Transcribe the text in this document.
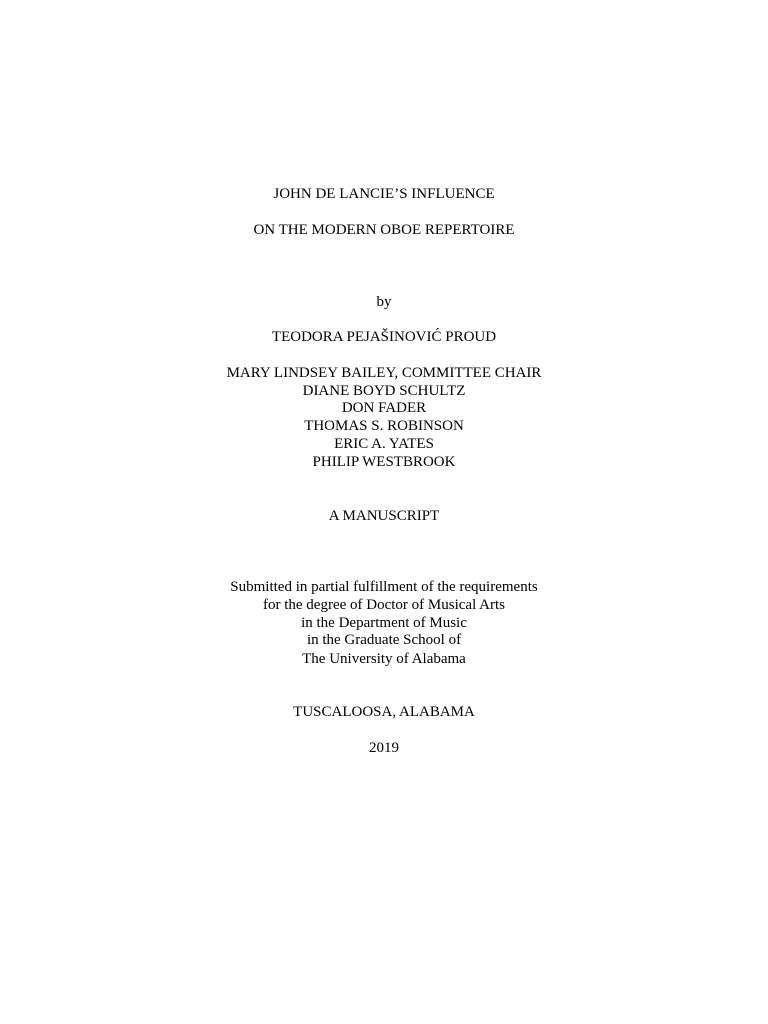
JOHN DE LANCIE’S INFLUENCE
ON THE MODERN OBOE REPERTOIRE
by
TEODORA PEJAŠINOVIĆ PROUD
MARY LINDSEY BAILEY, COMMITTEE CHAIR
DIANE BOYD SCHULTZ
DON FADER
THOMAS S. ROBINSON
ERIC A. YATES
PHILIP WESTBROOK
A MANUSCRIPT
Submitted in partial fulfillment of the requirements
for the degree of Doctor of Musical Arts
in the Department of Music
in the Graduate School of
The University of Alabama
TUSCALOOSA, ALABAMA
2019
